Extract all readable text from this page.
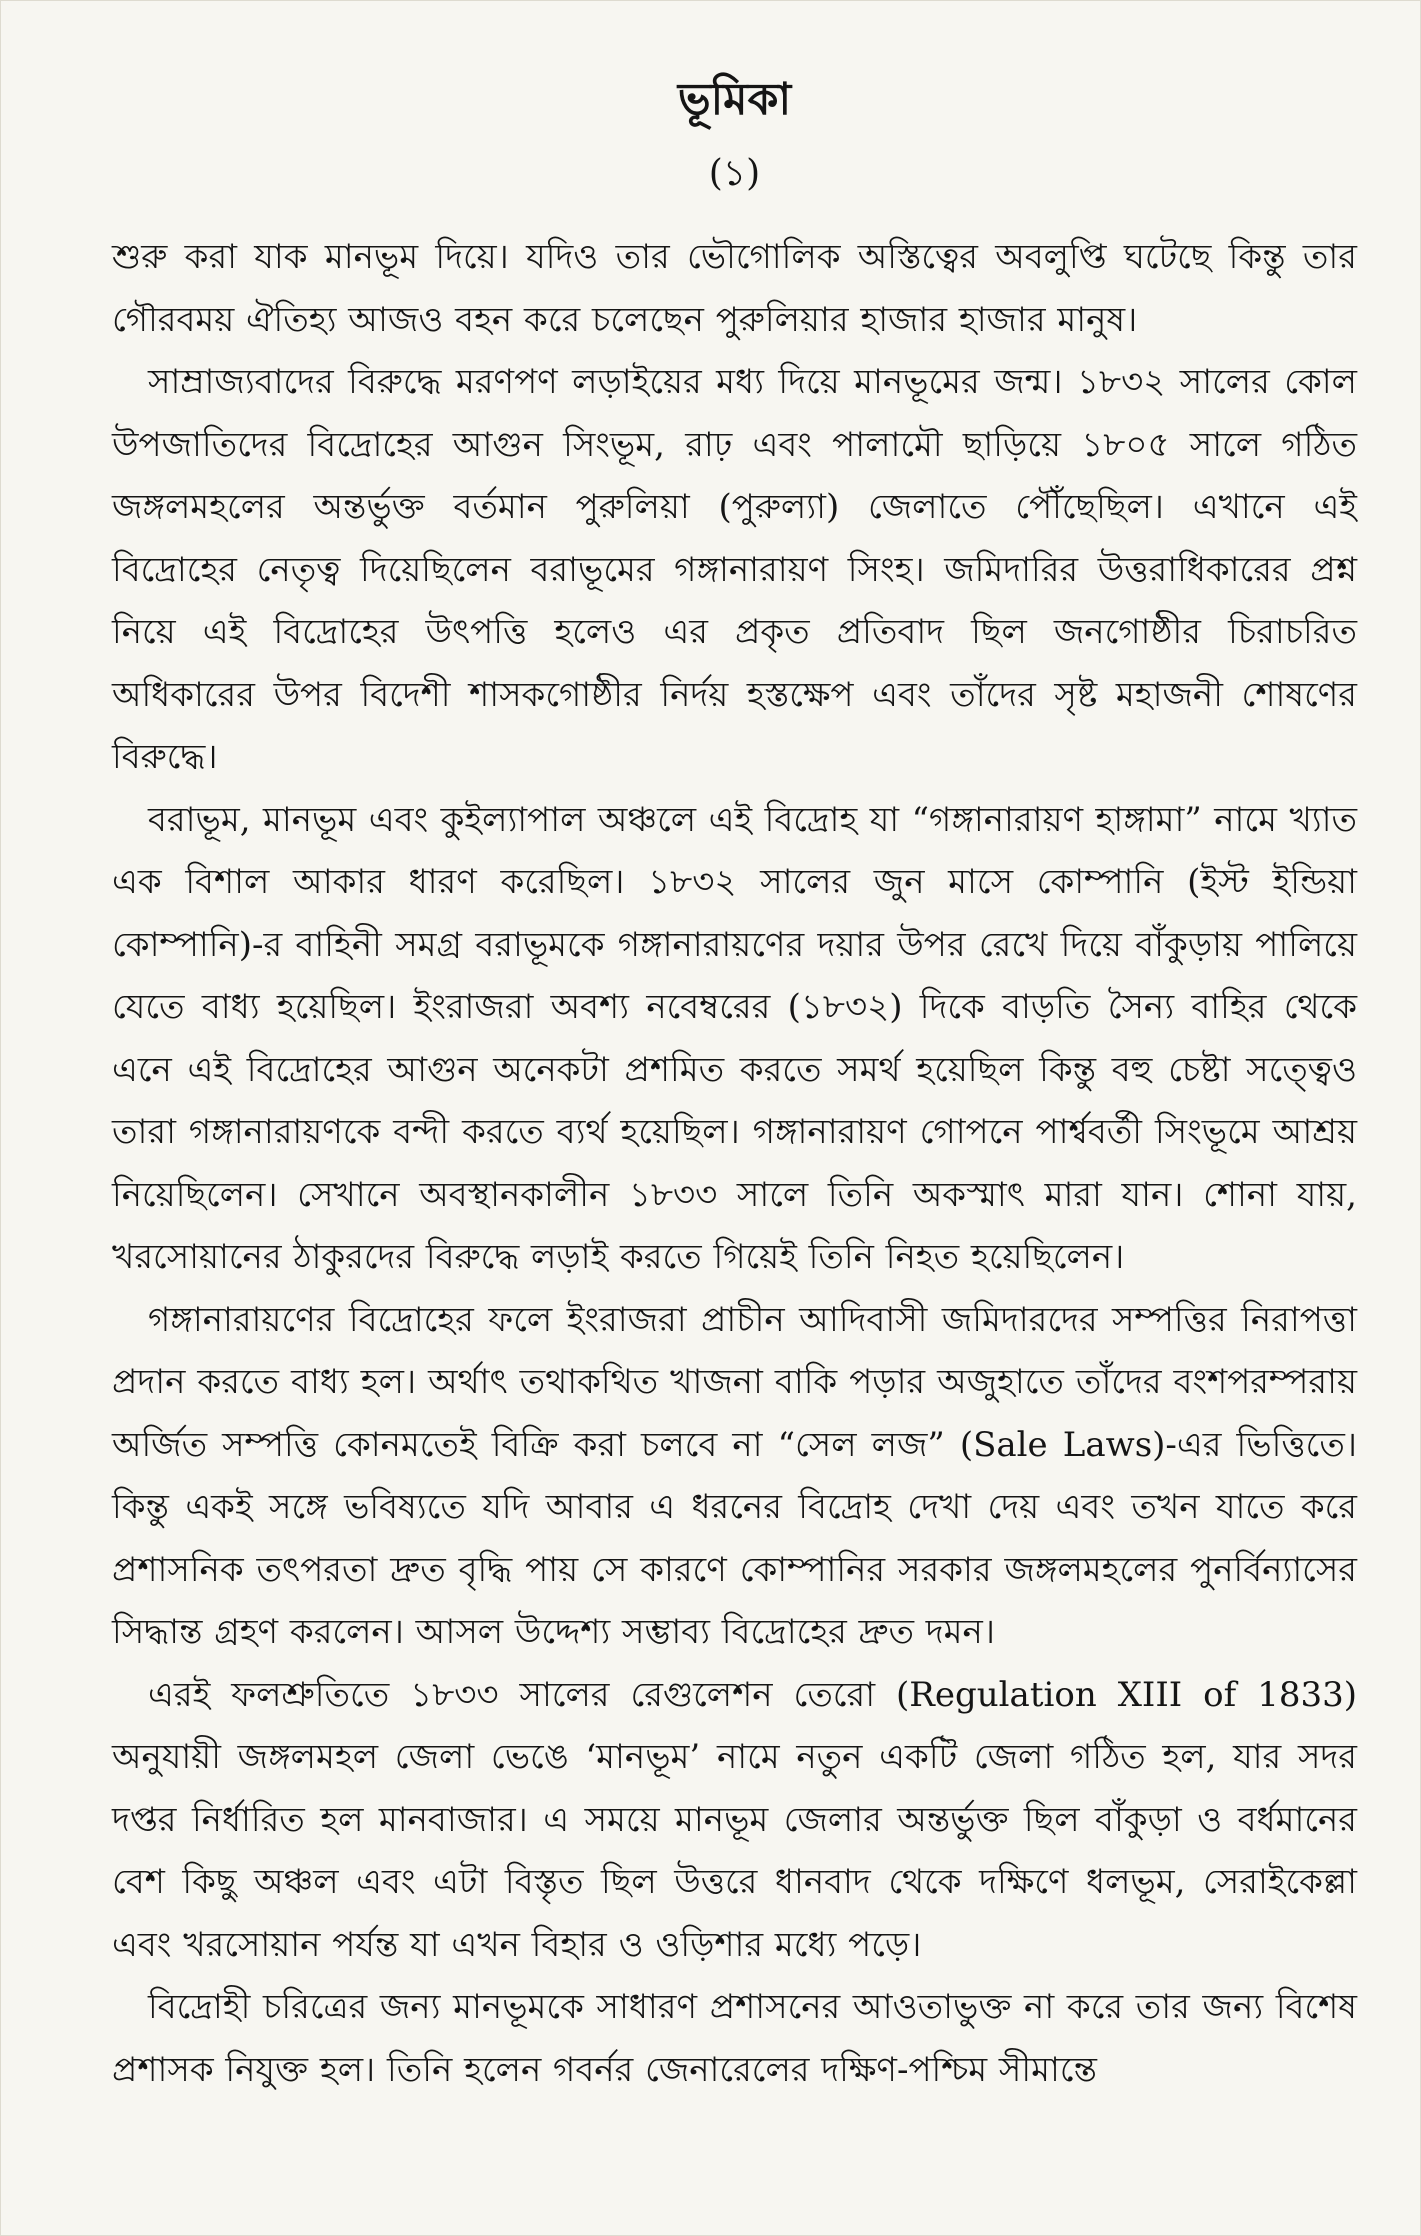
ভূমিকা
(১)

শুরু করা যাক মানভূম দিয়ে। যদিও তার ভৌগোলিক অস্তিত্বের অবলুপ্তি ঘটেছে কিন্তু তার গৌরবময় ঐতিহ্য আজও বহন করে চলেছেন পুরুলিয়ার হাজার হাজার মানুষ।

সাম্রাজ্যবাদের বিরুদ্ধে মরণপণ লড়াইয়ের মধ্য দিয়ে মানভূমের জন্ম। ১৮৩২ সালের কোল উপজাতিদের বিদ্রোহের আগুন সিংভূম, রাঢ় এবং পালামৌ ছাড়িয়ে ১৮০৫ সালে গঠিত জঙ্গলমহলের অন্তর্ভুক্ত বর্তমান পুরুলিয়া (পুরুল্যা) জেলাতে পৌঁছেছিল। এখানে এই বিদ্রোহের নেতৃত্ব দিয়েছিলেন বরাভূমের গঙ্গানারায়ণ সিংহ। জমিদারির উত্তরাধিকারের প্রশ্ন নিয়ে এই বিদ্রোহের উৎপত্তি হলেও এর প্রকৃত প্রতিবাদ ছিল জনগোষ্ঠীর চিরাচরিত অধিকারের উপর বিদেশী শাসকগোষ্ঠীর নির্দয় হস্তক্ষেপ এবং তাঁদের সৃষ্ট মহাজনী শোষণের বিরুদ্ধে।

বরাভূম, মানভূম এবং কুইল্যাপাল অঞ্চলে এই বিদ্রোহ যা “গঙ্গানারায়ণ হাঙ্গামা” নামে খ্যাত এক বিশাল আকার ধারণ করেছিল। ১৮৩২ সালের জুন মাসে কোম্পানি (ইস্ট ইন্ডিয়া কোম্পানি)-র বাহিনী সমগ্র বরাভূমকে গঙ্গানারায়ণের দয়ার উপর রেখে দিয়ে বাঁকুড়ায় পালিয়ে যেতে বাধ্য হয়েছিল। ইংরাজরা অবশ্য নবেম্বরের (১৮৩২) দিকে বাড়তি সৈন্য বাহির থেকে এনে এই বিদ্রোহের আগুন অনেকটা প্রশমিত করতে সমর্থ হয়েছিল কিন্তু বহু চেষ্টা সত্ত্বেও তারা গঙ্গানারায়ণকে বন্দী করতে ব্যর্থ হয়েছিল। গঙ্গানারায়ণ গোপনে পার্শ্ববর্তী সিংভূমে আশ্রয় নিয়েছিলেন। সেখানে অবস্থানকালীন ১৮৩৩ সালে তিনি অকস্মাৎ মারা যান। শোনা যায়, খরসোয়ানের ঠাকুরদের বিরুদ্ধে লড়াই করতে গিয়েই তিনি নিহত হয়েছিলেন।

গঙ্গানারায়ণের বিদ্রোহের ফলে ইংরাজরা প্রাচীন আদিবাসী জমিদারদের সম্পত্তির নিরাপত্তা প্রদান করতে বাধ্য হল। অর্থাৎ তথাকথিত খাজনা বাকি পড়ার অজুহাতে তাঁদের বংশপরম্পরায় অর্জিত সম্পত্তি কোনমতেই বিক্রি করা চলবে না “সেল লজ” (Sale Laws)-এর ভিত্তিতে। কিন্তু একই সঙ্গে ভবিষ্যতে যদি আবার এ ধরনের বিদ্রোহ দেখা দেয় এবং তখন যাতে করে প্রশাসনিক তৎপরতা দ্রুত বৃদ্ধি পায় সে কারণে কোম্পানির সরকার জঙ্গলমহলের পুনর্বিন্যাসের সিদ্ধান্ত গ্রহণ করলেন। আসল উদ্দেশ্য সম্ভাব্য বিদ্রোহের দ্রুত দমন।

এরই ফলশ্রুতিতে ১৮৩৩ সালের রেগুলেশন তেরো (Regulation XIII of 1833) অনুযায়ী জঙ্গলমহল জেলা ভেঙে ‘মানভূম’ নামে নতুন একটি জেলা গঠিত হল, যার সদর দপ্তর নির্ধারিত হল মানবাজার। এ সময়ে মানভূম জেলার অন্তর্ভুক্ত ছিল বাঁকুড়া ও বর্ধমানের বেশ কিছু অঞ্চল এবং এটা বিস্তৃত ছিল উত্তরে ধানবাদ থেকে দক্ষিণে ধলভূম, সেরাইকেল্লা এবং খরসোয়ান পর্যন্ত যা এখন বিহার ও ওড়িশার মধ্যে পড়ে।

বিদ্রোহী চরিত্রের জন্য মানভূমকে সাধারণ প্রশাসনের আওতাভুক্ত না করে তার জন্য বিশেষ প্রশাসক নিযুক্ত হল। তিনি হলেন গবর্নর জেনারেলের দক্ষিণ-পশ্চিম সীমান্তে
